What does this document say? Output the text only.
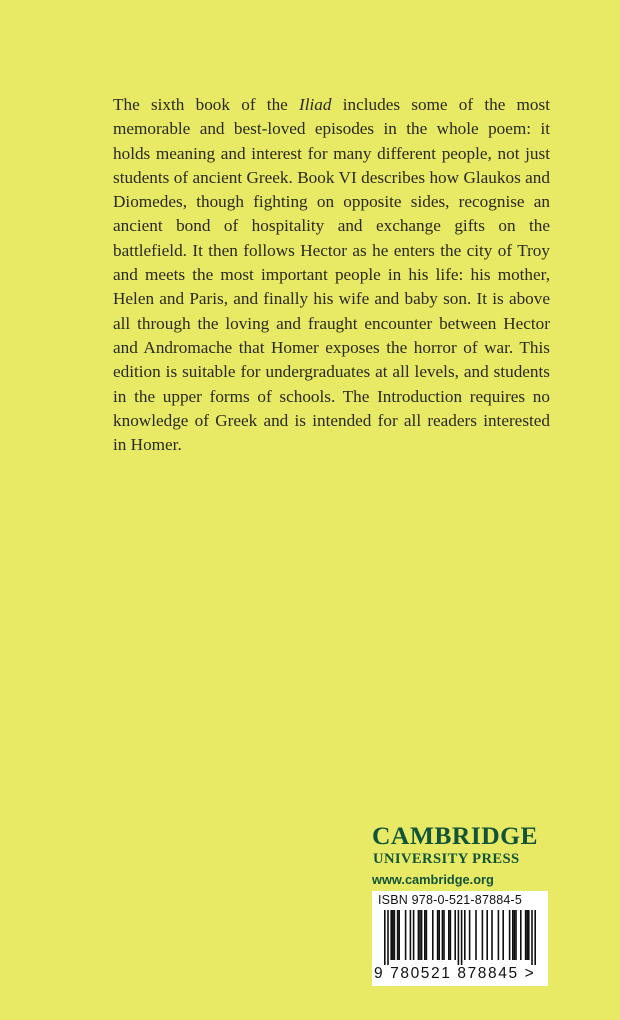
The sixth book of the Iliad includes some of the most memorable and best-loved episodes in the whole poem: it holds meaning and interest for many different people, not just students of ancient Greek. Book VI describes how Glaukos and Diomedes, though fighting on opposite sides, recognise an ancient bond of hospitality and exchange gifts on the battlefield. It then follows Hector as he enters the city of Troy and meets the most important people in his life: his mother, Helen and Paris, and finally his wife and baby son. It is above all through the loving and fraught encounter between Hector and Andromache that Homer exposes the horror of war. This edition is suitable for undergraduates at all levels, and students in the upper forms of schools. The Introduction requires no knowledge of Greek and is intended for all readers interested in Homer.

CAMBRIDGE
UNIVERSITY PRESS
www.cambridge.org
ISBN 978-0-521-87884-5
9 780521 878845 >
